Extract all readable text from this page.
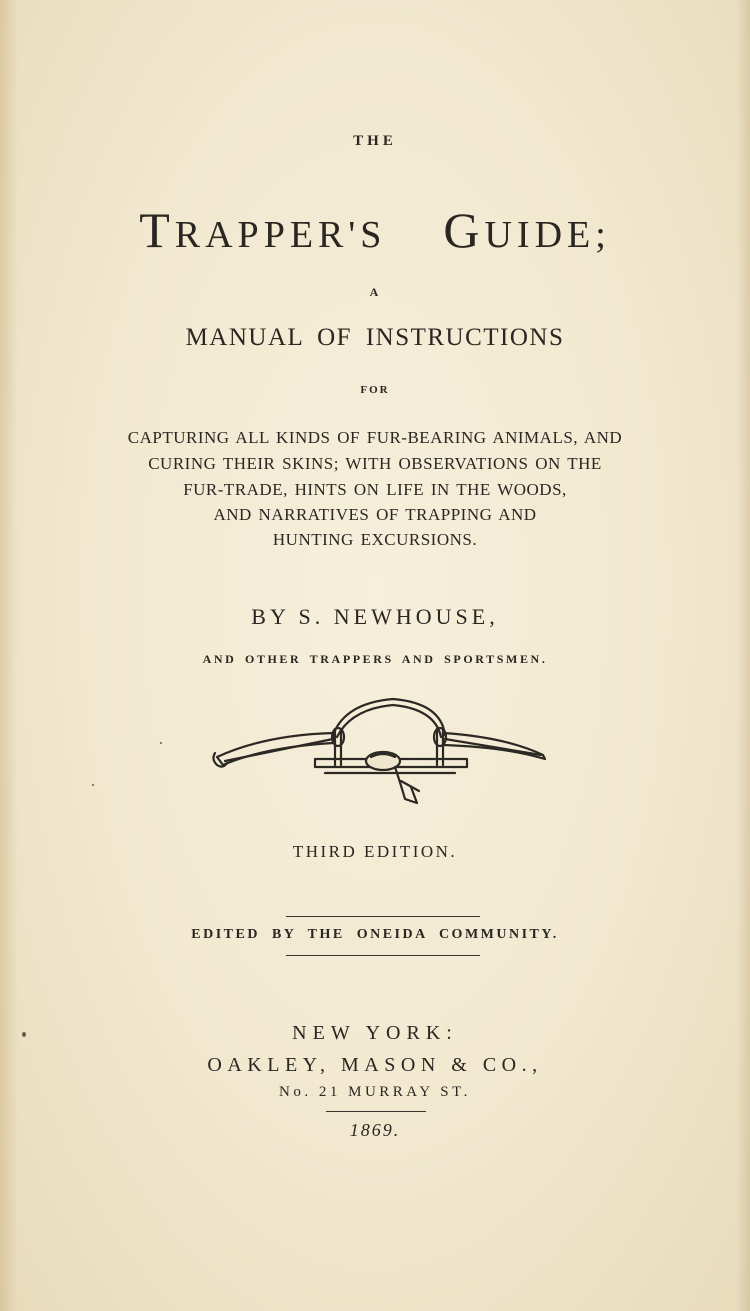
THE
TRAPPER'S GUIDE;
A
MANUAL OF INSTRUCTIONS
FOR
CAPTURING ALL KINDS OF FUR-BEARING ANIMALS, AND
CURING THEIR SKINS; WITH OBSERVATIONS ON THE
FUR-TRADE, HINTS ON LIFE IN THE WOODS,
AND NARRATIVES OF TRAPPING AND
HUNTING EXCURSIONS.
BY S. NEWHOUSE,
AND OTHER TRAPPERS AND SPORTSMEN.
THIRD EDITION.
EDITED BY THE ONEIDA COMMUNITY.
NEW YORK:
OAKLEY, MASON & CO.,
No. 21 MURRAY ST.
1869.
